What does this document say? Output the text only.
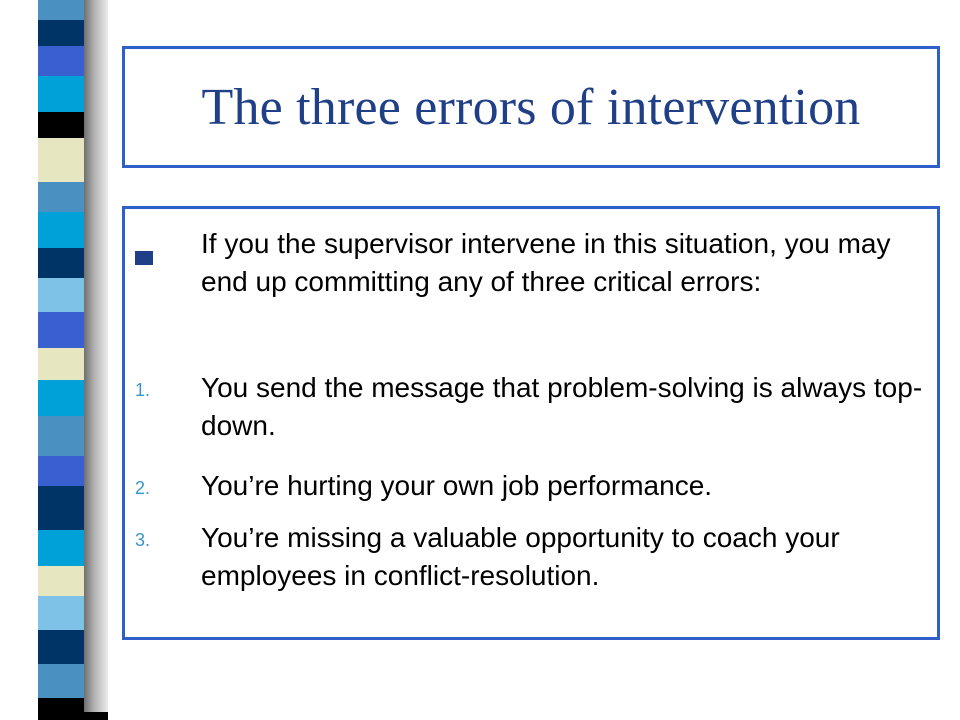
The three errors of intervention

If you the supervisor intervene in this situation, you may end up committing any of three critical errors:

1. You send the message that problem-solving is always top-down.

2. You’re hurting your own job performance.

3. You’re missing a valuable opportunity to coach your employees in conflict-resolution.
